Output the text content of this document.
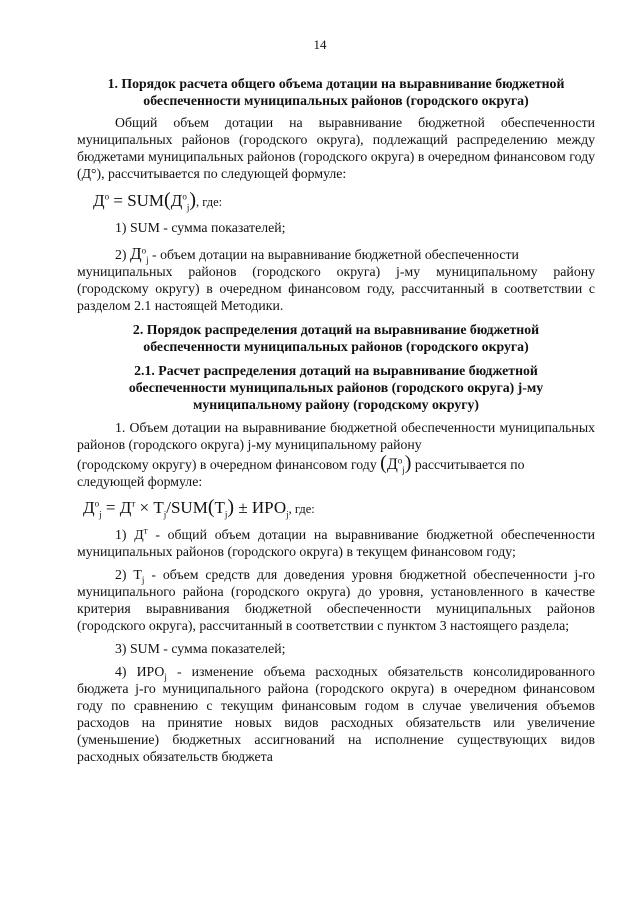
14

1. Порядок расчета общего объема дотации на выравнивание бюджетной
обеспеченности муниципальных районов (городского округа)

Общий объем дотации на выравнивание бюджетной обеспеченности муниципальных районов (городского округа), подлежащий распределению между бюджетами муниципальных районов (городского округа) в очередном финансовом году (Д°), рассчитывается по следующей формуле:

$Д^о = SUM(Д^о_j)$, где:

1) SUM - сумма показателей;

2) $Д^о_j$ - объем дотации на выравнивание бюджетной обеспеченности

муниципальных районов (городского округа) j-му муниципальному району (городскому округу) в очередном финансовом году, рассчитанный в соответствии с разделом 2.1 настоящей Методики.

2. Порядок распределения дотаций на выравнивание бюджетной
обеспеченности муниципальных районов (городского округа)

2.1. Расчет распределения дотаций на выравнивание бюджетной
обеспеченности муниципальных районов (городского округа) j-му
муниципальному району (городскому округу)

1. Объем дотации на выравнивание бюджетной обеспеченности муниципальных районов (городского округа) j-му муниципальному району

(городскому округу) в очередном финансовом году $(Д^о_j)$ рассчитывается по

следующей формуле:

$Д^о_j = Д^т \times Т_j/SUM(Т_j) \pm ИРО_j$, где:

1) $Д^т$ - общий объем дотации на выравнивание бюджетной обеспеченности муниципальных районов (городского округа) в текущем финансовом году;

2) $Т_j$ - объем средств для доведения уровня бюджетной обеспеченности j-го муниципального района (городского округа) до уровня, установленного в качестве критерия выравнивания бюджетной обеспеченности муниципальных районов (городского округа), рассчитанный в соответствии с пунктом 3 настоящего раздела;

3) SUM - сумма показателей;

4) $ИРО_j$ - изменение объема расходных обязательств консолидированного бюджета j-го муниципального района (городского округа) в очередном финансовом году по сравнению с текущим финансовым годом в случае увеличения объемов расходов на принятие новых видов расходных обязательств или увеличение (уменьшение) бюджетных ассигнований на исполнение существующих видов расходных обязательств бюджета
